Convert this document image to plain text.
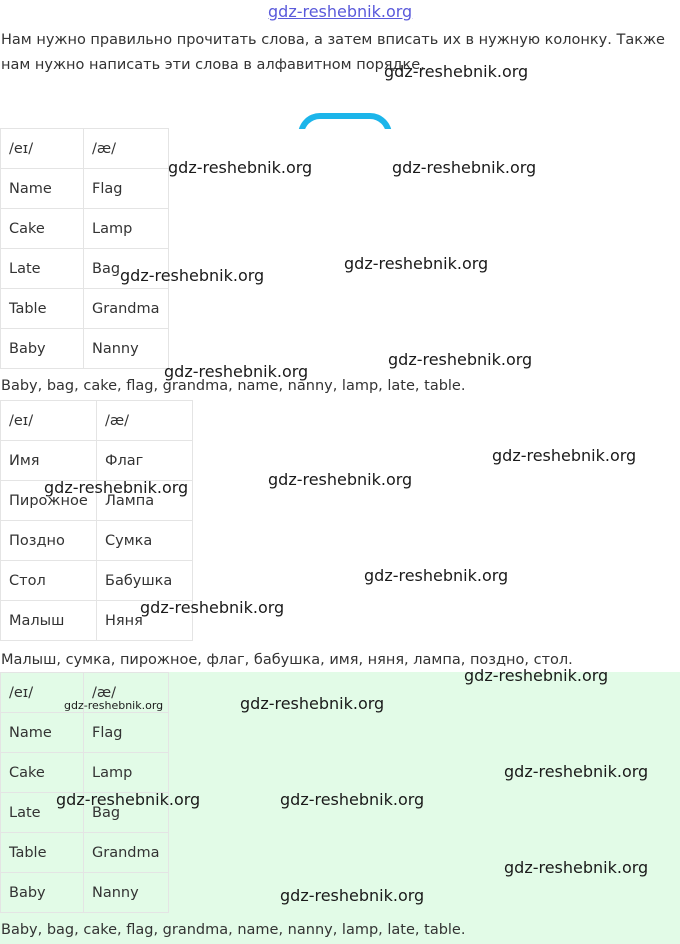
gdz-reshebnik.org
Нам нужно правильно прочитать слова, а затем вписать их в нужную колонку. Также нам нужно написать эти слова в алфавитном порядке.
/eɪ/	/æ/
Name	Flag
Cake	Lamp
Late	Bag
Table	Grandma
Baby	Nanny
Baby, bag, cake, flag, grandma, name, nanny, lamp, late, table.
/eɪ/	/æ/
Имя	Флаг
Пирожное	Лампа
Поздно	Сумка
Стол	Бабушка
Малыш	Няня
Малыш, сумка, пирожное, флаг, бабушка, имя, няня, лампа, поздно, стол.
/eɪ/	/æ/
Name	Flag
Cake	Lamp
Late	Bag
Table	Grandma
Baby	Nanny
Baby, bag, cake, flag, grandma, name, nanny, lamp, late, table.
gdz-reshebnik.org
gdz-reshebnik.org	gdz-reshebnik.org
gdz-reshebnik.org
gdz-reshebnik.org
gdz-reshebnik.org
gdz-reshebnik.org
gdz-reshebnik.org
gdz-reshebnik.org	gdz-reshebnik.org
gdz-reshebnik.org
gdz-reshebnik.org
gdz-reshebnik.org
gdz-reshebnik.org	gdz-reshebnik.org
gdz-reshebnik.org
gdz-reshebnik.org	gdz-reshebnik.org
gdz-reshebnik.org
gdz-reshebnik.org
